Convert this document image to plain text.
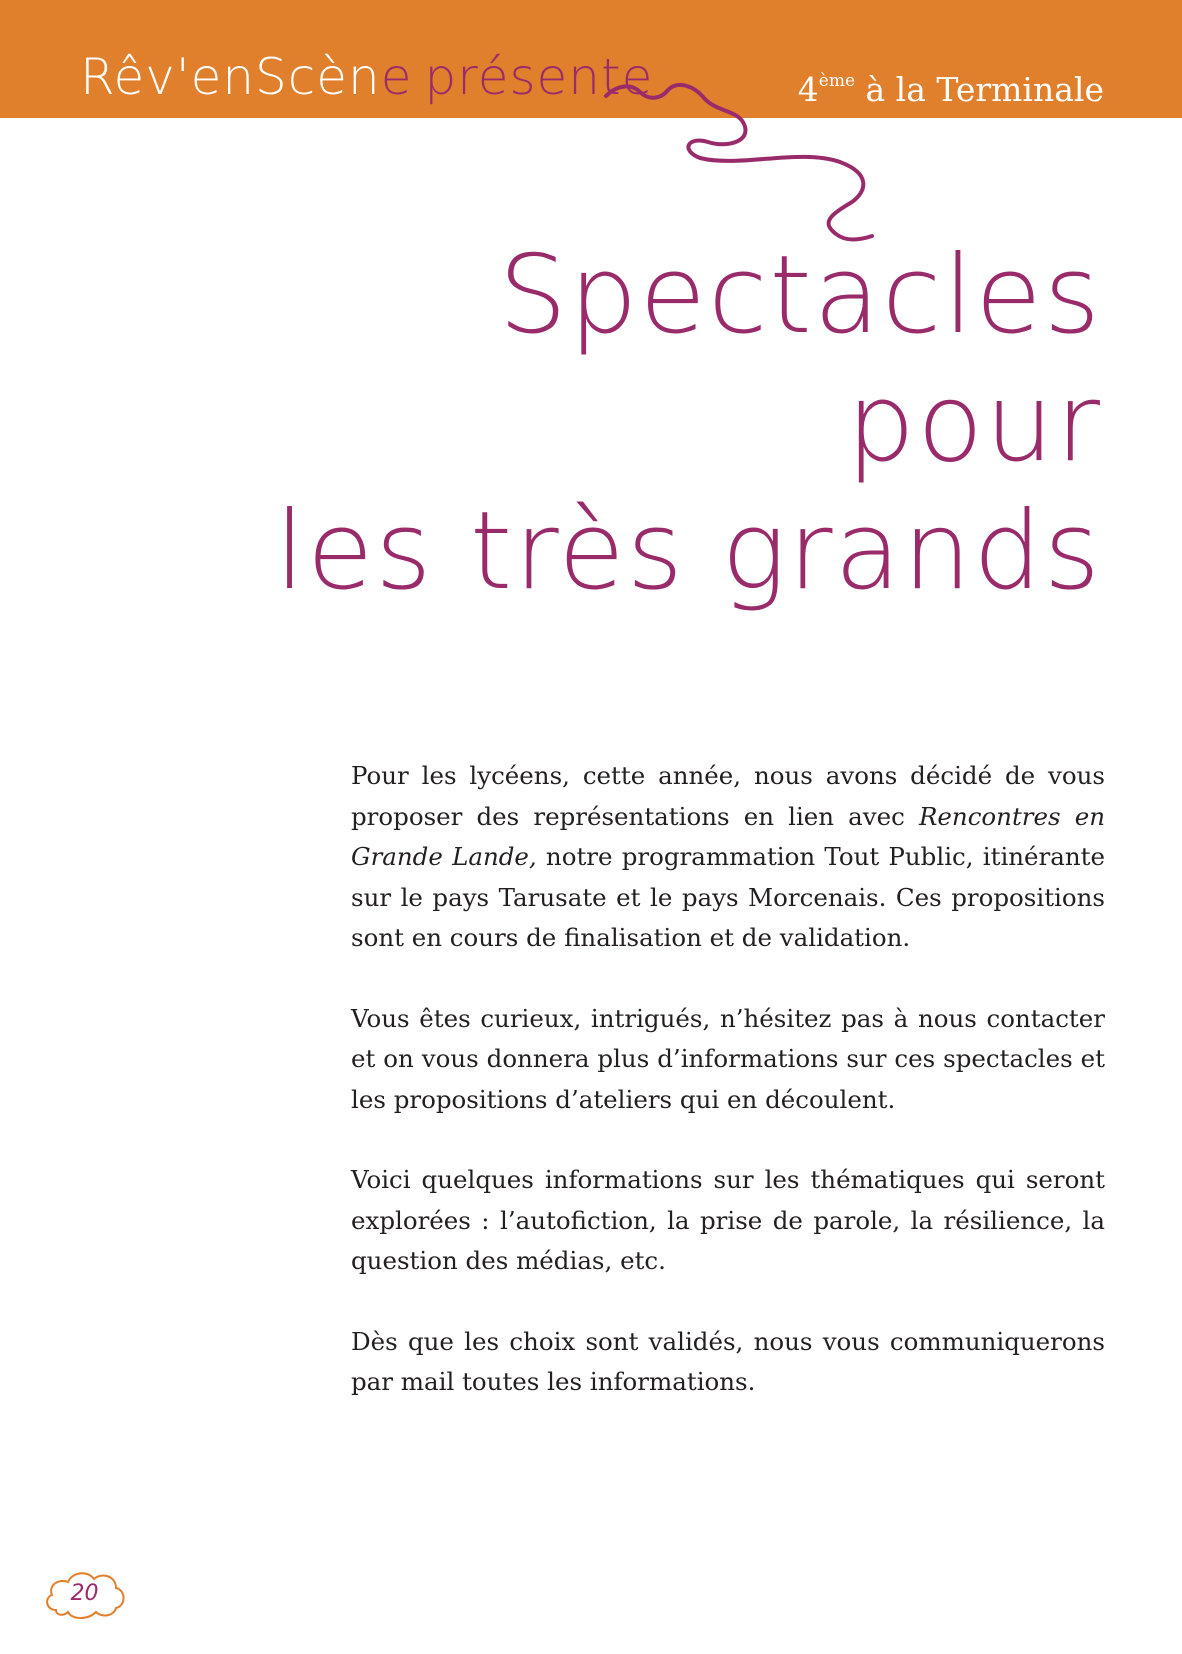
Rêv'enScène présente	4ème à la Terminale
Spectacles
pour
les très grands

Pour les lycéens, cette année, nous avons décidé de vous proposer des représentations en lien avec Rencontres en Grande Lande, notre programmation Tout Public, itinérante sur le pays Tarusate et le pays Morcenais. Ces propositions sont en cours de finalisation et de validation.

Vous êtes curieux, intrigués, n’hésitez pas à nous contacter et on vous donnera plus d’informations sur ces spectacles et les propositions d’ateliers qui en découlent.

Voici quelques informations sur les thématiques qui seront explorées : l’autofiction, la prise de parole, la résilience, la question des médias, etc.

Dès que les choix sont validés, nous vous communiquerons par mail toutes les informations.

20
